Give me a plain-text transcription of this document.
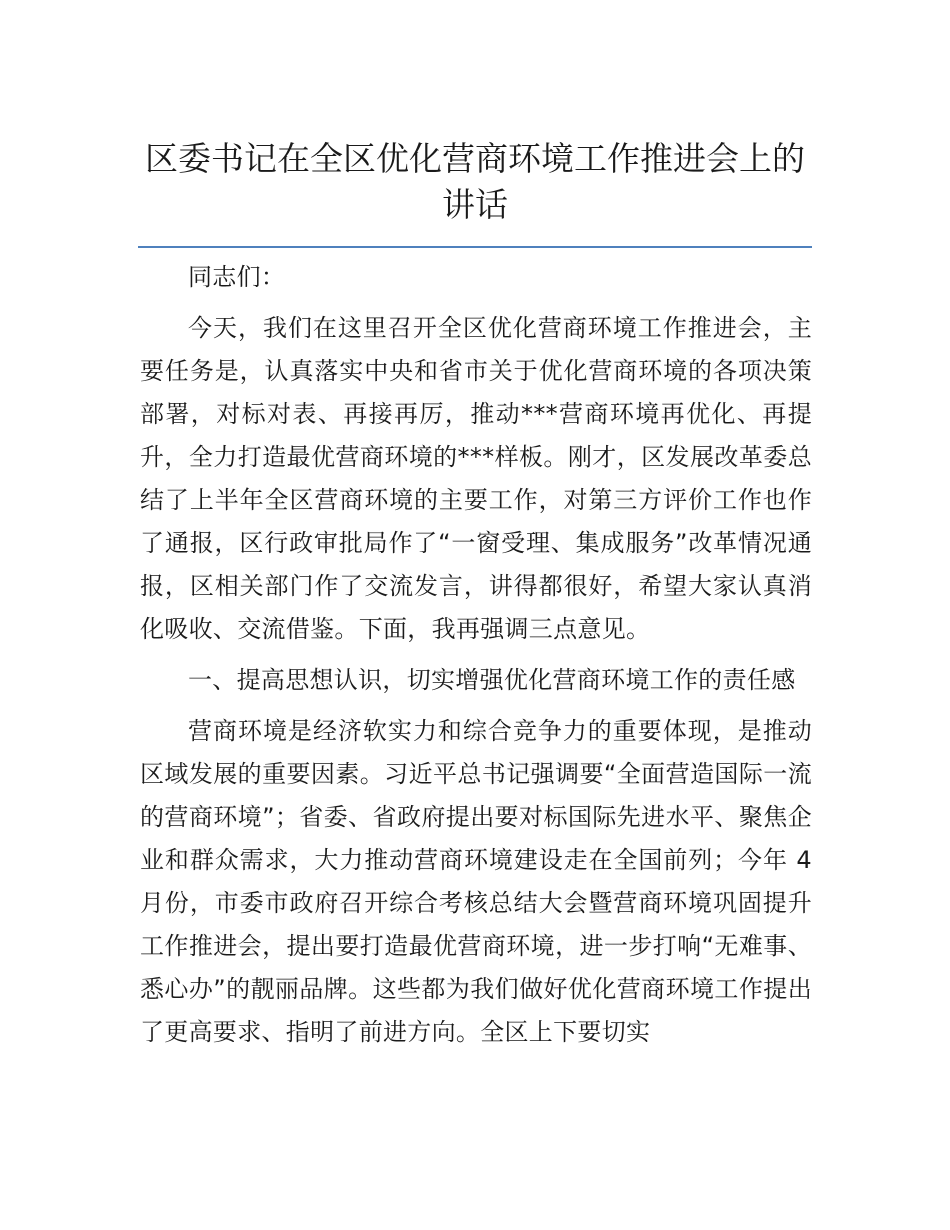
区委书记在全区优化营商环境工作推进会上的
讲话

同志们：

今天，我们在这里召开全区优化营商环境工作推进会，主要任务是，认真落实中央和省市关于优化营商环境的各项决策部署，对标对表、再接再厉，推动***营商环境再优化、再提升，全力打造最优营商环境的***样板。刚才，区发展改革委总结了上半年全区营商环境的主要工作，对第三方评价工作也作了通报，区行政审批局作了“一窗受理、集成服务”改革情况通报，区相关部门作了交流发言，讲得都很好，希望大家认真消化吸收、交流借鉴。下面，我再强调三点意见。

一、提高思想认识，切实增强优化营商环境工作的责任感

营商环境是经济软实力和综合竞争力的重要体现，是推动区域发展的重要因素。习近平总书记强调要“全面营造国际一流的营商环境”；省委、省政府提出要对标国际先进水平、聚焦企业和群众需求，大力推动营商环境建设走在全国前列；今年 4 月份，市委市政府召开综合考核总结大会暨营商环境巩固提升工作推进会，提出要打造最优营商环境，进一步打响“无难事、悉心办”的靓丽品牌。这些都为我们做好优化营商环境工作提出了更高要求、指明了前进方向。全区上下要切实
